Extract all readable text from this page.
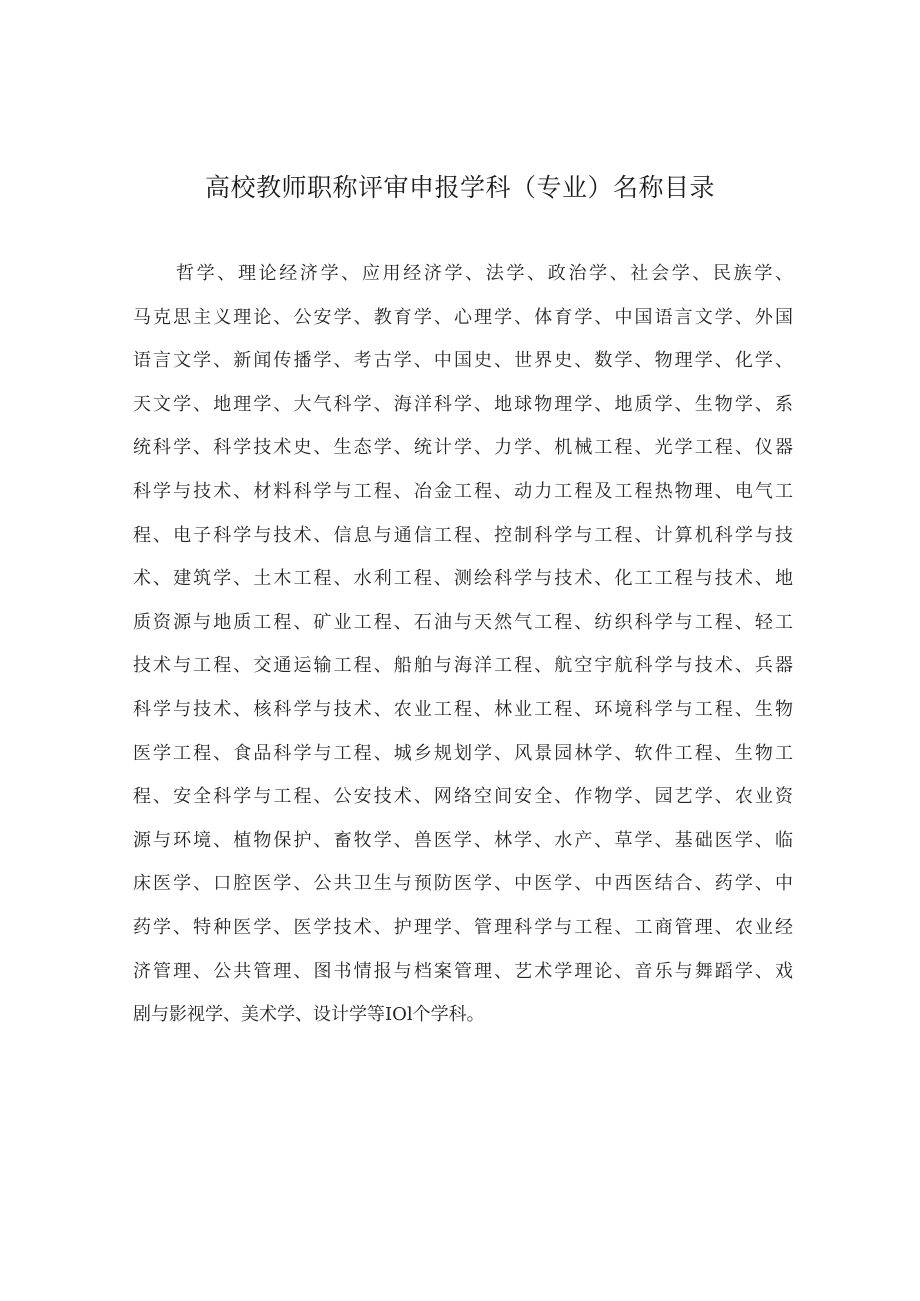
高校教师职称评审申报学科（专业）名称目录
哲学、理论经济学、应用经济学、法学、政治学、社会学、民族学、
马克思主义理论、公安学、教育学、心理学、体育学、中国语言文学、外国
语言文学、新闻传播学、考古学、中国史、世界史、数学、物理学、化学、
天文学、地理学、大气科学、海洋科学、地球物理学、地质学、生物学、系
统科学、科学技术史、生态学、统计学、力学、机械工程、光学工程、仪器
科学与技术、材料科学与工程、冶金工程、动力工程及工程热物理、电气工
程、电子科学与技术、信息与通信工程、控制科学与工程、计算机科学与技
术、建筑学、土木工程、水利工程、测绘科学与技术、化工工程与技术、地
质资源与地质工程、矿业工程、石油与天然气工程、纺织科学与工程、轻工
技术与工程、交通运输工程、船舶与海洋工程、航空宇航科学与技术、兵器
科学与技术、核科学与技术、农业工程、林业工程、环境科学与工程、生物
医学工程、食品科学与工程、城乡规划学、风景园林学、软件工程、生物工
程、安全科学与工程、公安技术、网络空间安全、作物学、园艺学、农业资
源与环境、植物保护、畜牧学、兽医学、林学、水产、草学、基础医学、临
床医学、口腔医学、公共卫生与预防医学、中医学、中西医结合、药学、中
药学、特种医学、医学技术、护理学、管理科学与工程、工商管理、农业经
济管理、公共管理、图书情报与档案管理、艺术学理论、音乐与舞蹈学、戏
剧与影视学、美术学、设计学等IOl个学科。
